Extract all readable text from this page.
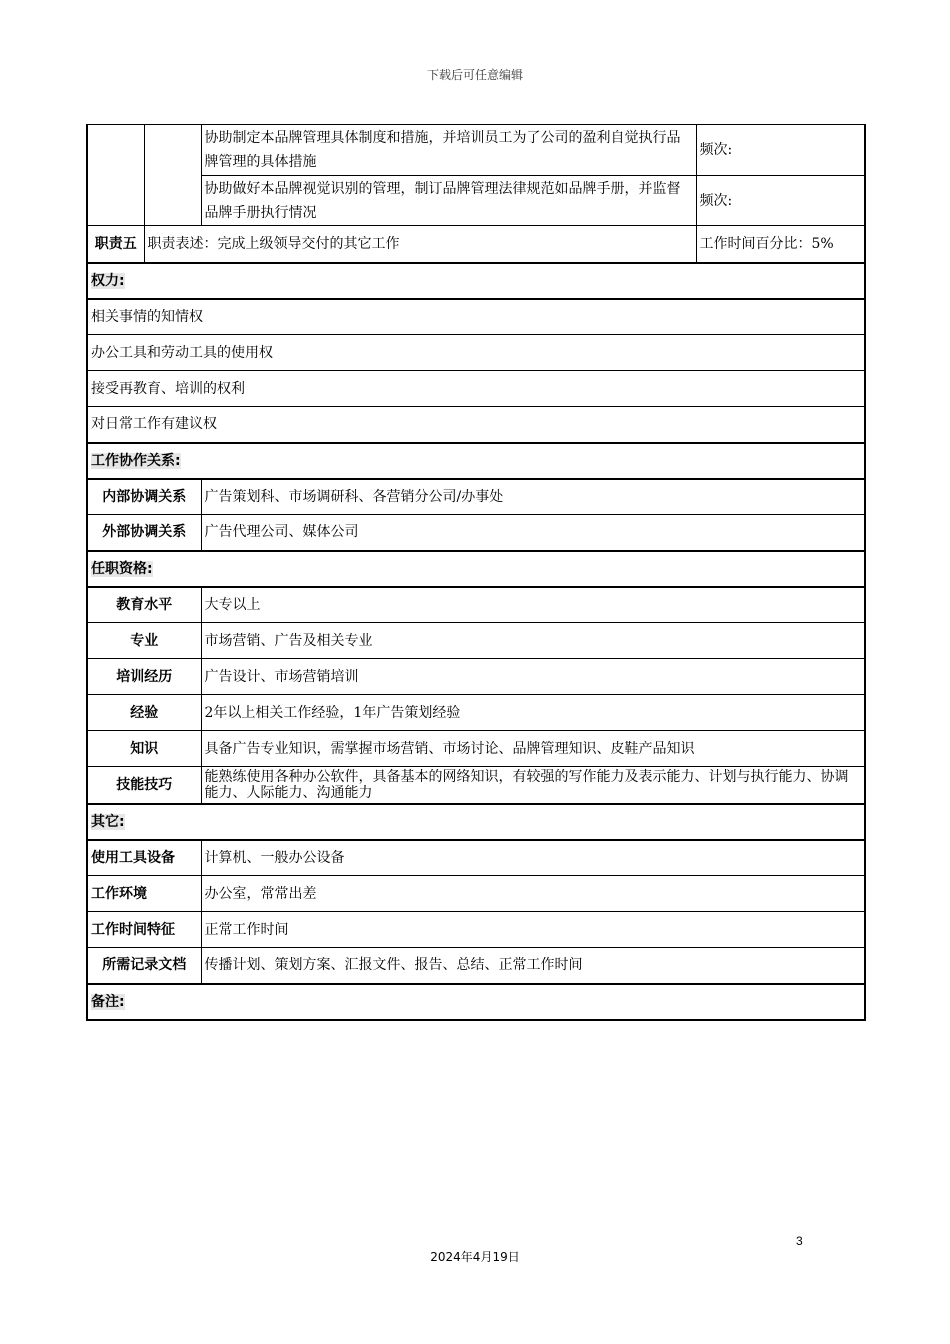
下载后可任意编辑
		协助制定本品牌管理具体制度和措施，并培训员工为了公司的盈利自觉执行品牌管理的具体措施	频次:
		协助做好本品牌视觉识别的管理，制订品牌管理法律规范如品牌手册，并监督品牌手册执行情况	频次:
职责五	职责表述：完成上级领导交付的其它工作		工作时间百分比：5%
权力:			
相关事情的知情权			
办公工具和劳动工具的使用权			
接受再教育、培训的权利			
对日常工作有建议权			
工作协作关系:			
内部协调关系		广告策划科、市场调研科、各营销分公司/办事处	
外部协调关系		广告代理公司、媒体公司	
任职资格:			
教育水平		大专以上	
专业		市场营销、广告及相关专业	
培训经历		广告设计、市场营销培训	
经验		2年以上相关工作经验，1年广告策划经验	
知识		具备广告专业知识，需掌握市场营销、市场讨论、品牌管理知识、皮鞋产品知识	
技能技巧		能熟练使用各种办公软件，具备基本的网络知识，有较强的写作能力及表示能力、计划与执行能力、协调能力、人际能力、沟通能力	
其它:			
使用工具设备		计算机、一般办公设备	
工作环境		办公室，常常出差	
工作时间特征		正常工作时间	
所需记录文档		传播计划、策划方案、汇报文件、报告、总结、正常工作时间	
备注:			
3
2024年4月19日
